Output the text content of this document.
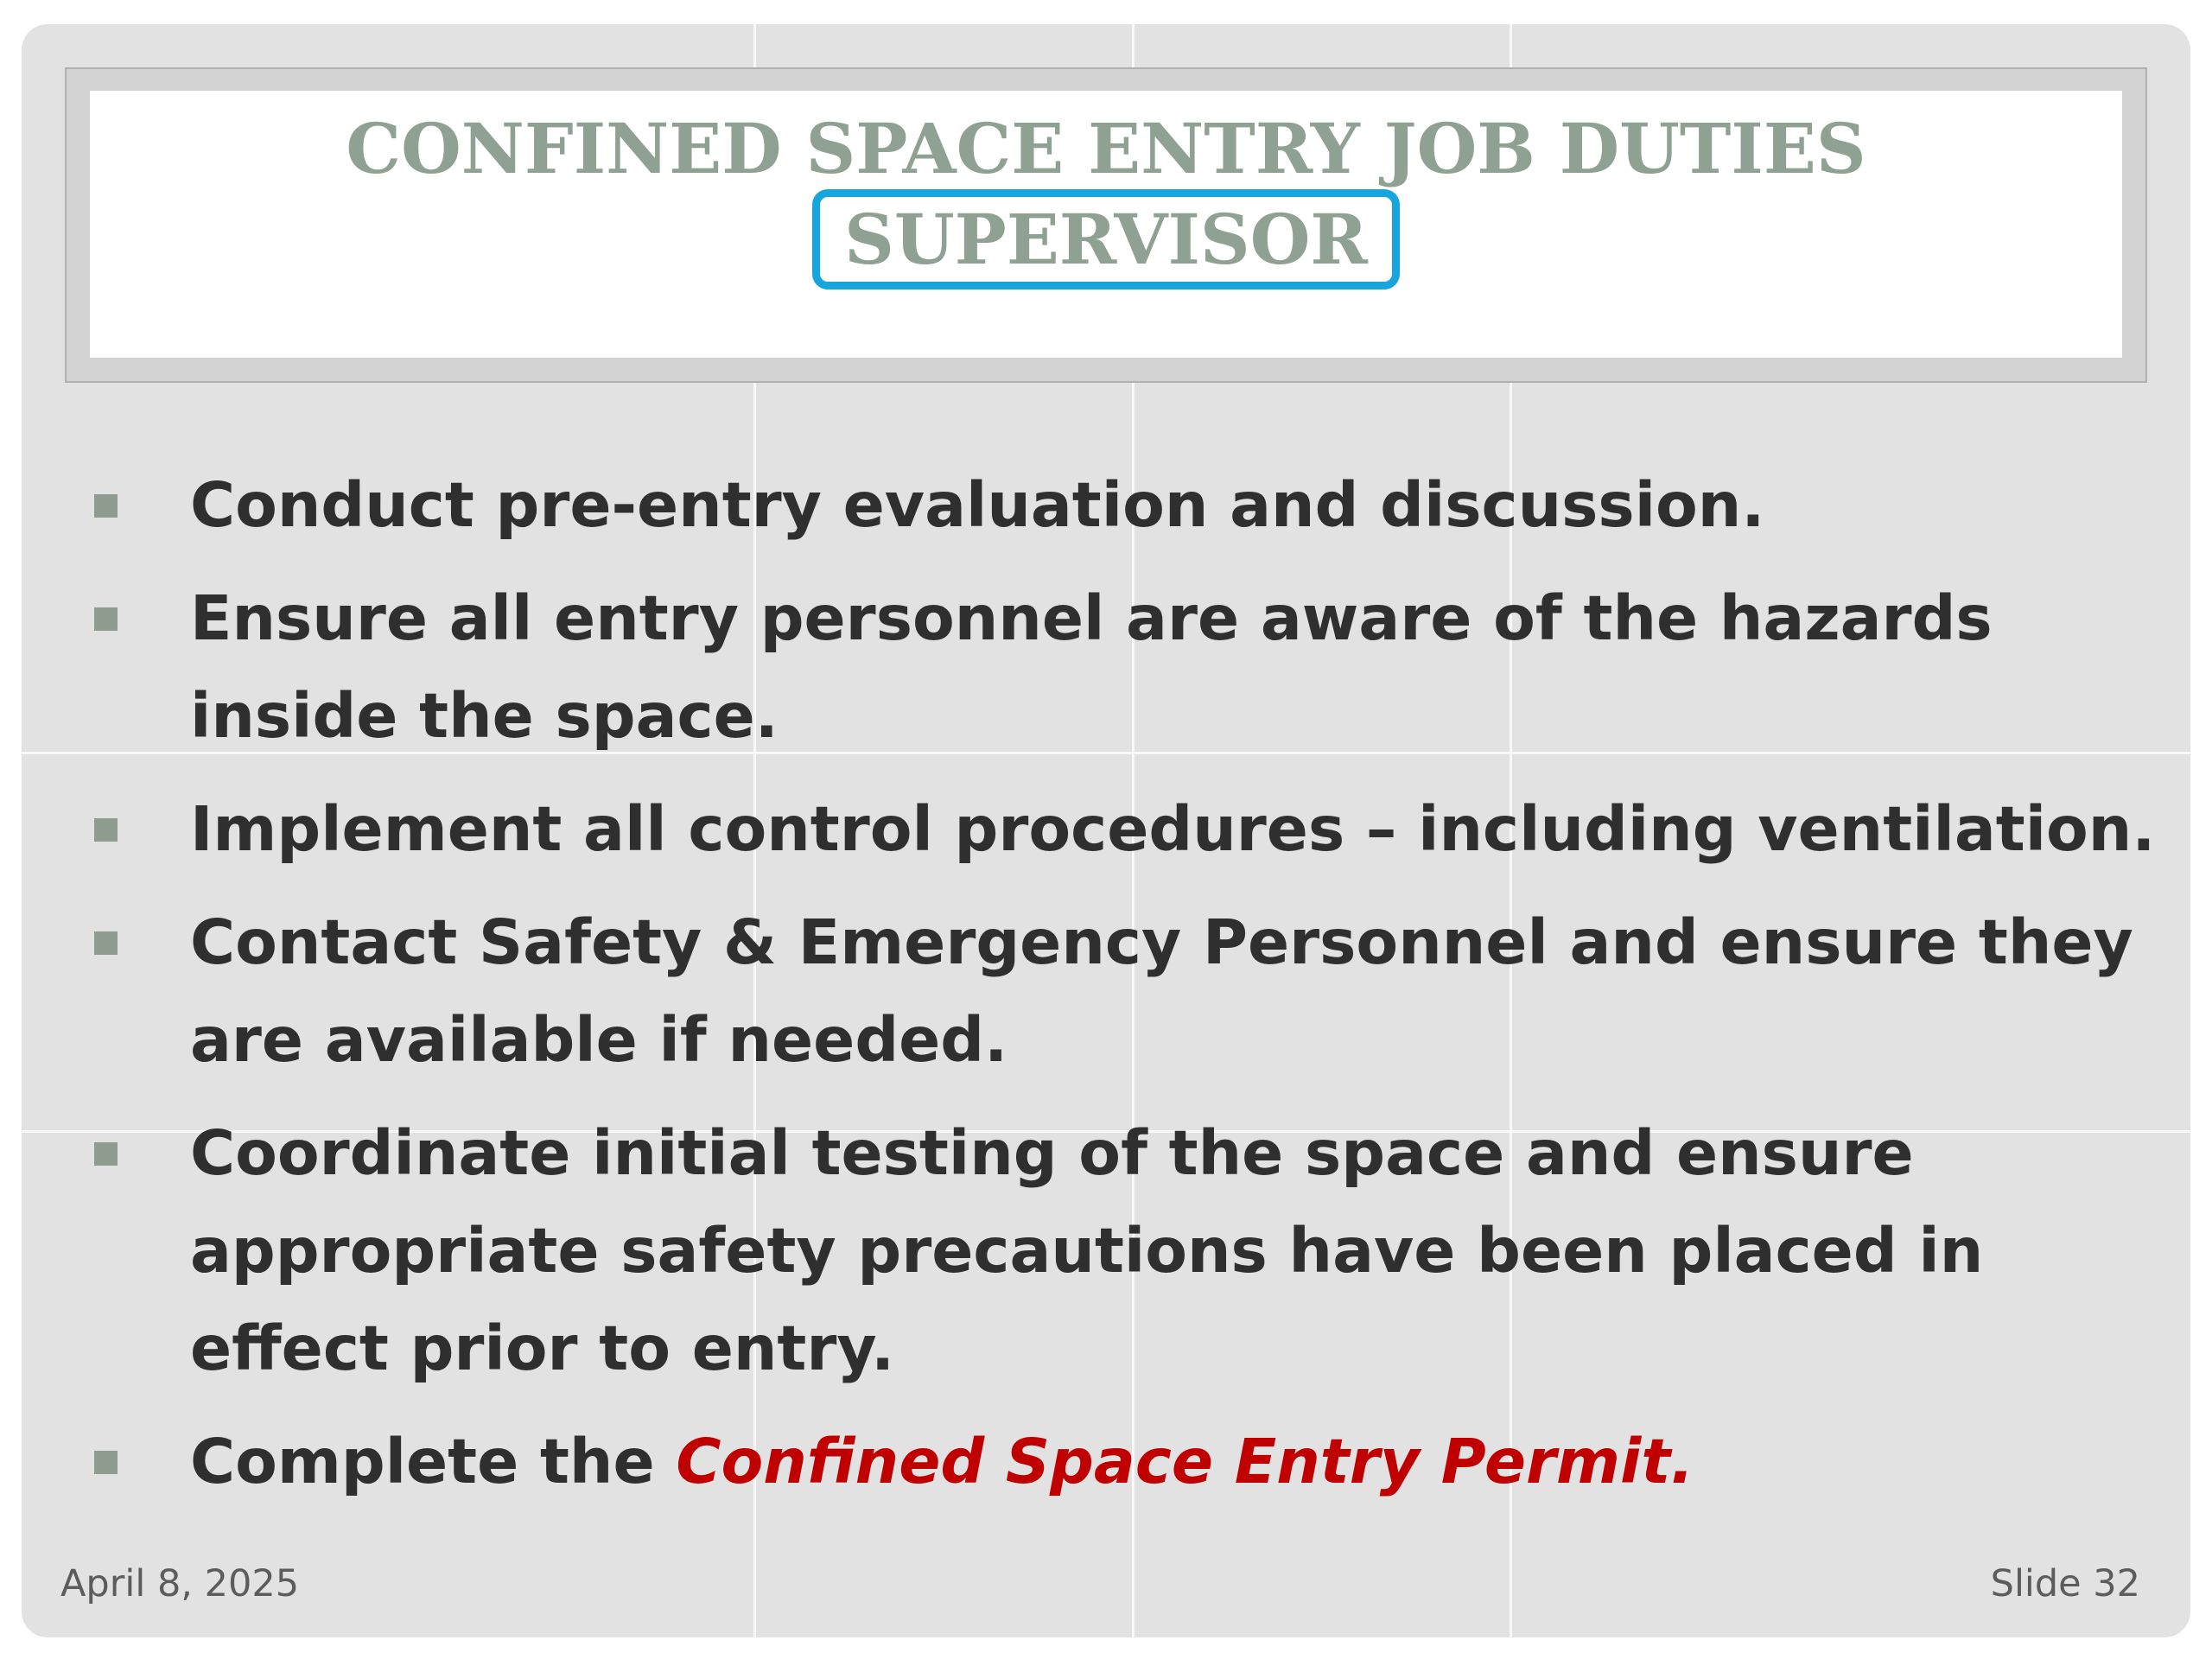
CONFINED SPACE ENTRY JOB DUTIES
SUPERVISOR
Conduct pre-entry evaluation and discussion.
Ensure all entry personnel are aware of the hazards inside the space.
Implement all control procedures – including ventilation.
Contact Safety & Emergency Personnel and ensure they are available if needed.
Coordinate initial testing of the space and ensure appropriate safety precautions have been placed in effect prior to entry.
Complete the Confined Space Entry Permit.
April 8, 2025	Slide 32
